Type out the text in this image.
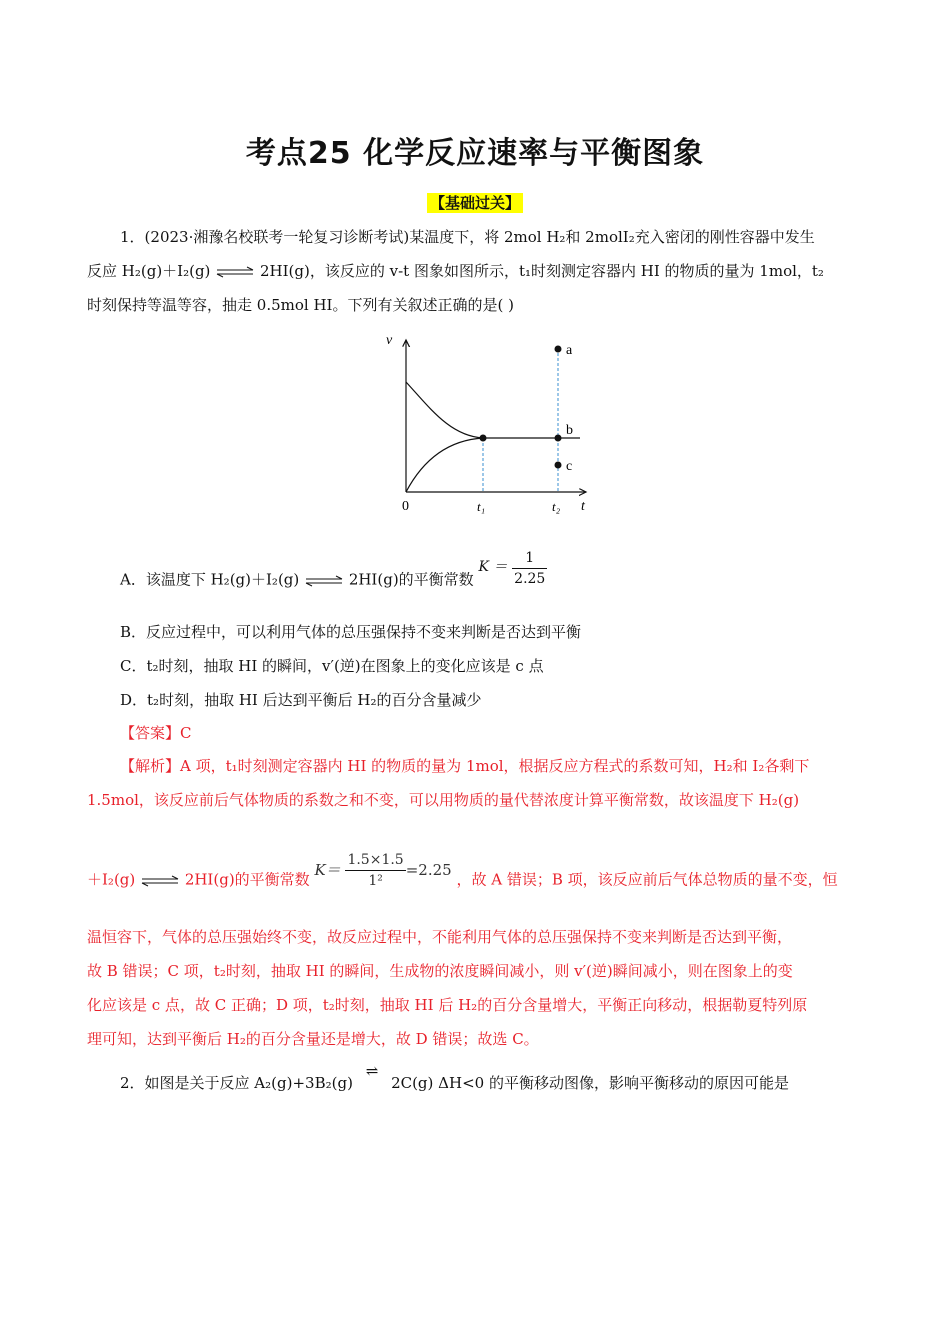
考点25 化学反应速率与平衡图象
【基础过关】
1．(2023·湘豫名校联考一轮复习诊断考试)某温度下，将 2mol H₂和 2molI₂充入密闭的刚性容器中发生
反应 H₂(g)＋I₂(g) ⇌ 2HI(g)，该反应的 v-t 图象如图所示，t₁时刻测定容器内 HI 的物质的量为 1mol，t₂
时刻保持等温等容，抽走 0.5mol HI。下列有关叙述正确的是( )
v
t
0	t₁	t₂
a
b
c
A．该温度下 H₂(g)＋I₂(g) ⇌ 2HI(g)的平衡常数 $K = \frac{1}{2.25}$
B．反应过程中，可以利用气体的总压强保持不变来判断是否达到平衡
C．t₂时刻，抽取 HI 的瞬间，v′(逆)在图象上的变化应该是 c 点
D．t₂时刻，抽取 HI 后达到平衡后 H₂的百分含量减少
【答案】C
【解析】A 项，t₁时刻测定容器内 HI 的物质的量为 1mol，根据反应方程式的系数可知，H₂和 I₂各剩下
1.5mol，该反应前后气体物质的系数之和不变，可以用物质的量代替浓度计算平衡常数，故该温度下 H₂(g)
＋I₂(g) ⇌ 2HI(g)的平衡常数 $K= \frac{1.5\times 1.5}{\text{1²}} =2.25$ ，故 A 错误；B 项，该反应前后气体总物质的量不变，恒
温恒容下，气体的总压强始终不变，故反应过程中，不能利用气体的总压强保持不变来判断是否达到平衡，
故 B 错误；C 项，t₂时刻，抽取 HI 的瞬间，生成物的浓度瞬间减小，则 v′(逆)瞬间减小，则在图象上的变
化应该是 c 点，故 C 正确；D 项，t₂时刻，抽取 HI 后 H₂的百分含量增大，平衡正向移动，根据勒夏特列原
理可知，达到平衡后 H₂的百分含量还是增大，故 D 错误；故选 C。
2．如图是关于反应 A₂(g)+3B₂(g) ⇌ 2C(g) ΔH<0 的平衡移动图像，影响平衡移动的原因可能是
